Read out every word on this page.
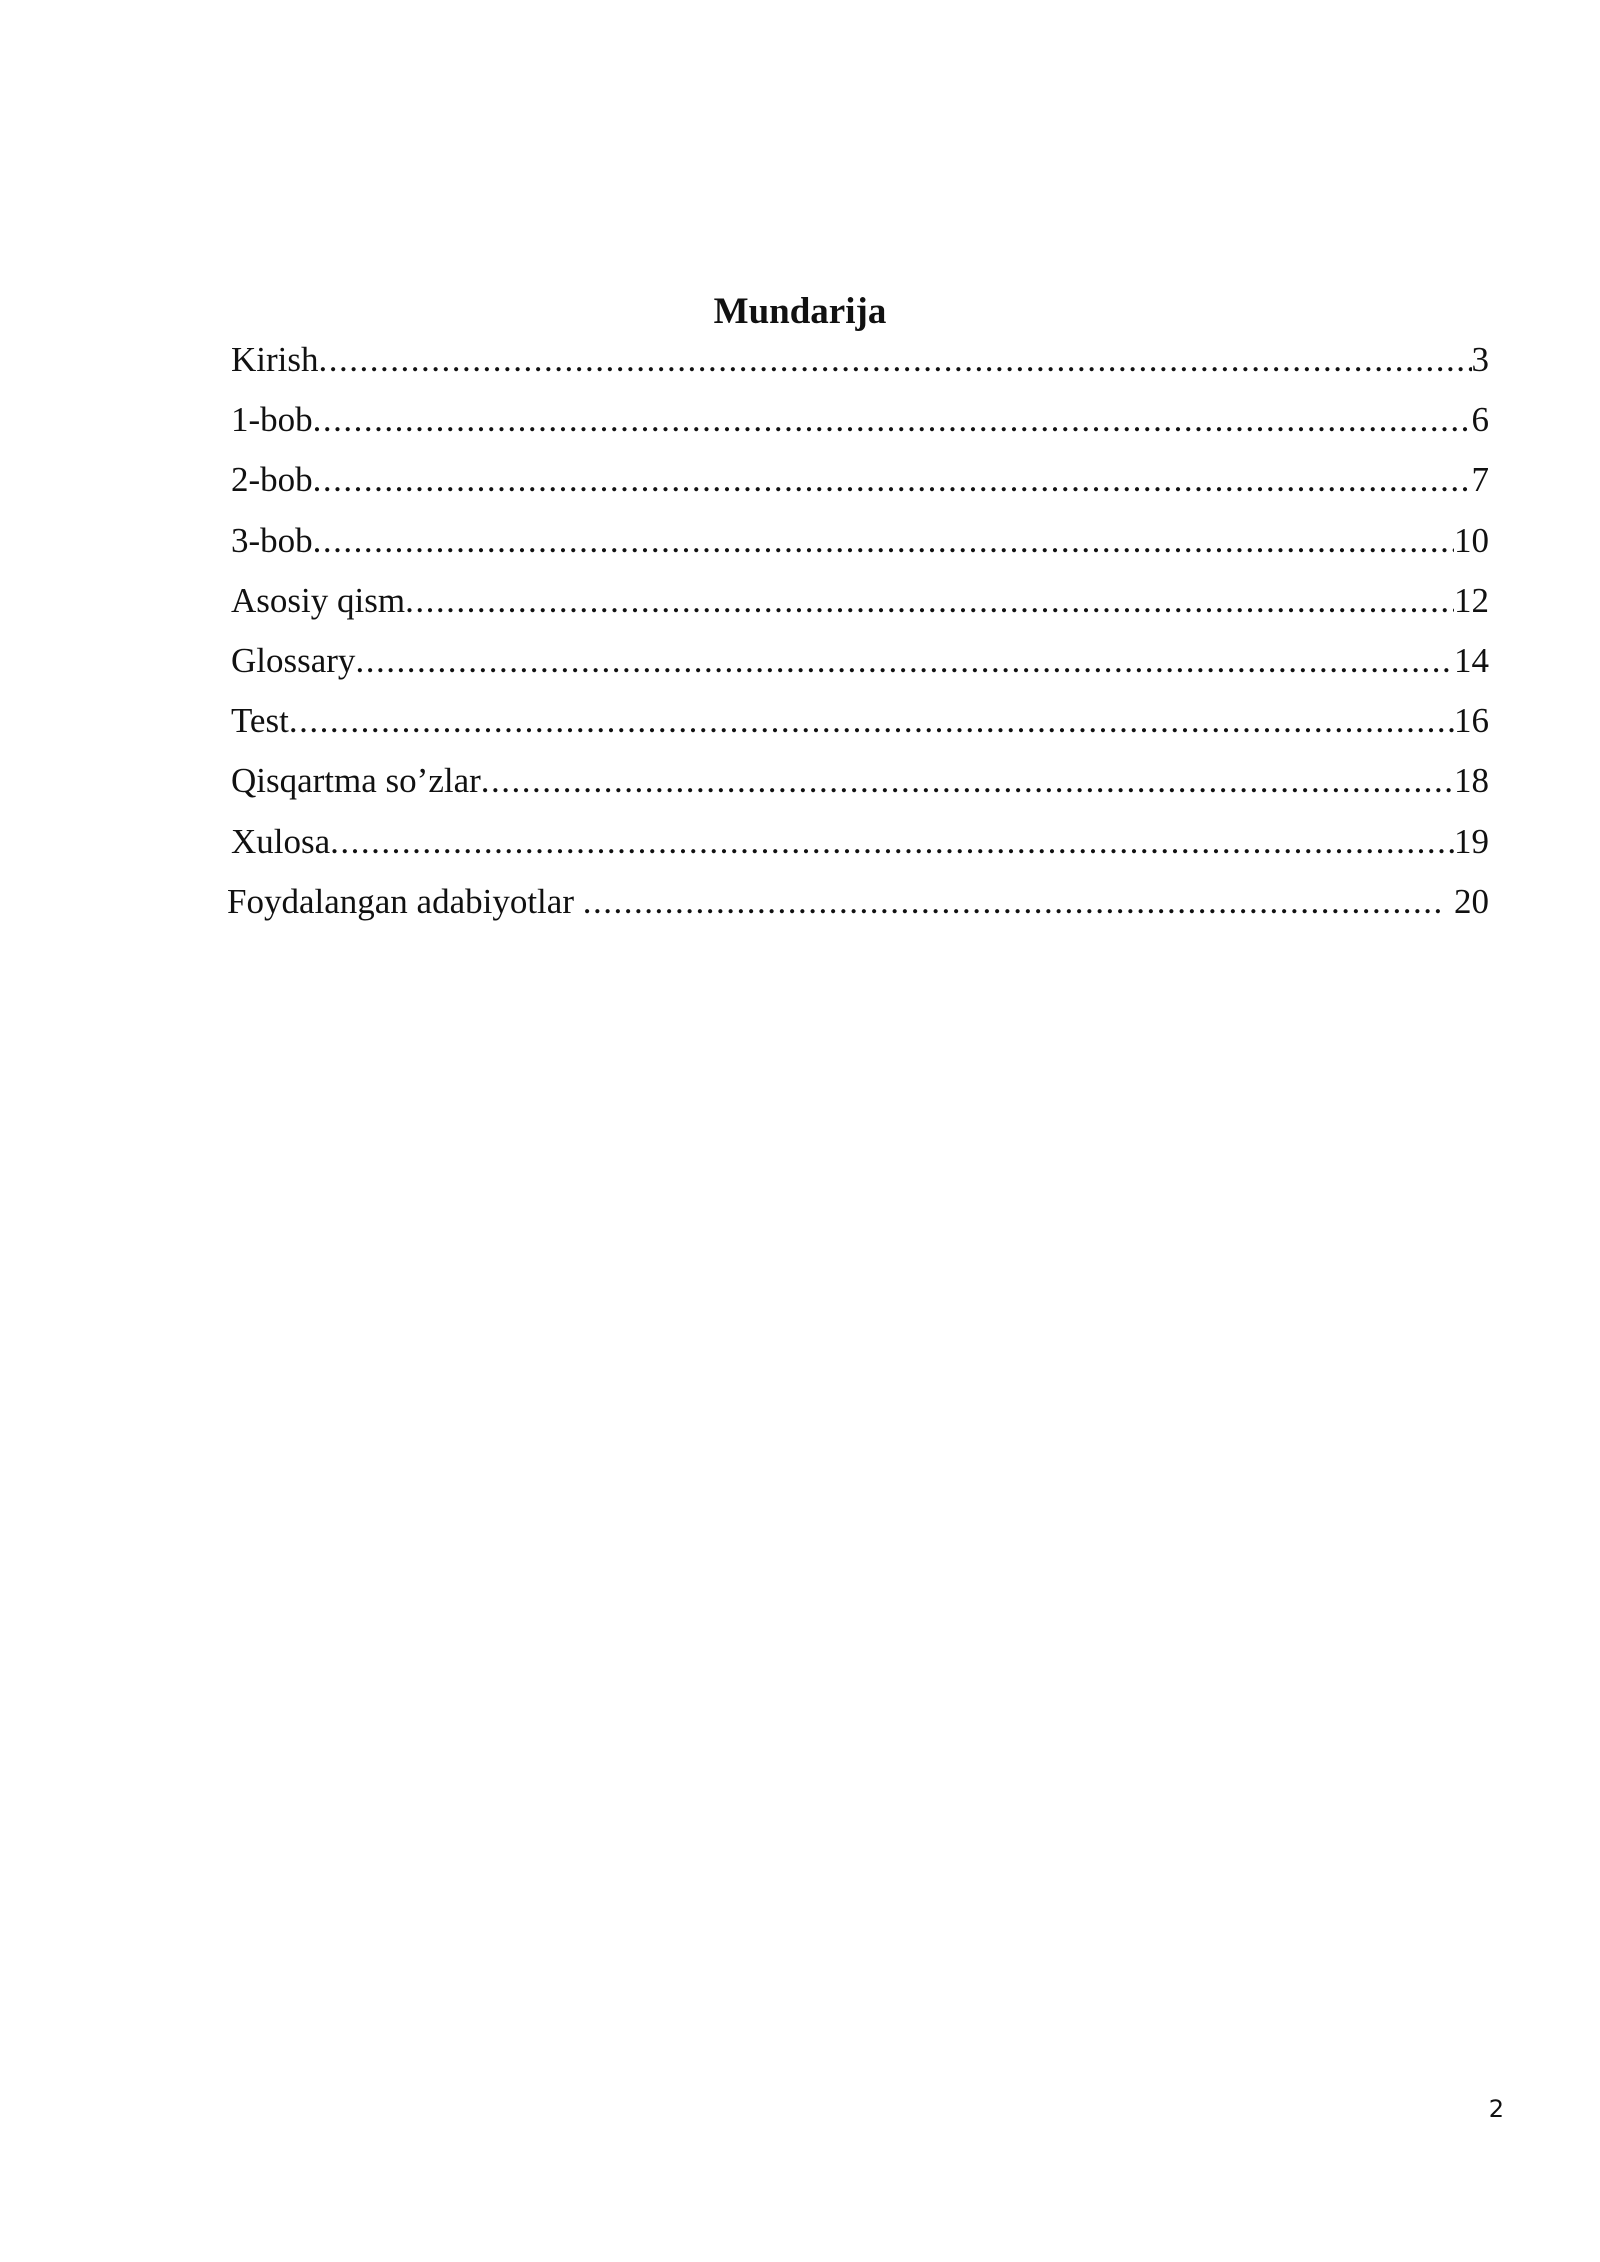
Mundarija
Kirish .....	3
1-bob .....	6
2-bob .....	7
3-bob .....	10
Asosiy qism .....	12
Glossary .....	14
Test .....	16
Qisqartma so’zlar .....	18
Xulosa .....	19
Foydalangan adabiyotlar .....	20
2
